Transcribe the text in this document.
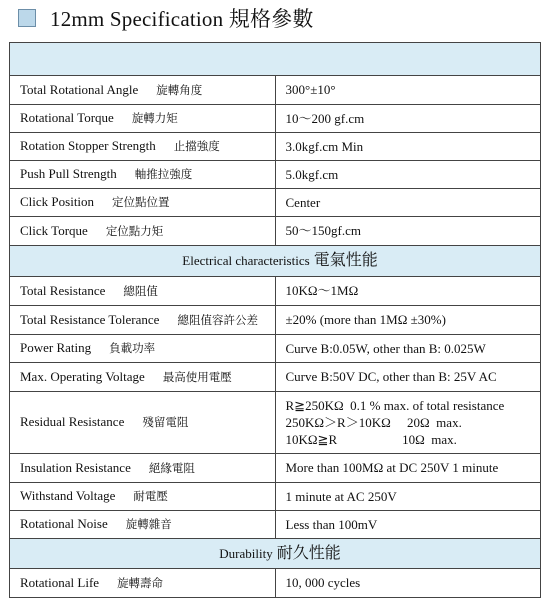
12mm Specification 規格參數

Total Rotational Angle 旋轉角度	300°±10°
Rotational Torque 旋轉力矩	10～200 gf.cm
Rotation Stopper Strength 止擋強度	3.0kgf.cm Min
Push Pull Strength 軸推拉強度	5.0kgf.cm
Click Position 定位點位置	Center
Click Torque 定位點力矩	50～150gf.cm
Electrical characteristics 電氣性能	
Total Resistance 總阻值	10KΩ～1MΩ
Total Resistance Tolerance 總阻值容許公差	±20% (more than 1MΩ ±30%)
Power Rating 負載功率	Curve B:0.05W, other than B: 0.025W
Max. Operating Voltage 最高使用電壓	Curve B:50V DC, other than B: 25V AC
Residual Resistance 殘留電阻	R≧250KΩ  0.1 % max. of total resistance
250KΩ＞R＞10KΩ     20Ω  max.
10KΩ≧R                    10Ω  max.

Insulation Resistance 絕緣電阻	More than 100MΩ at DC 250V 1 minute
Withstand Voltage 耐電壓	1 minute at AC 250V
Rotational Noise 旋轉雜音	Less than 100mV
Durability 耐久性能	
Rotational Life 旋轉壽命	10, 000 cycles
